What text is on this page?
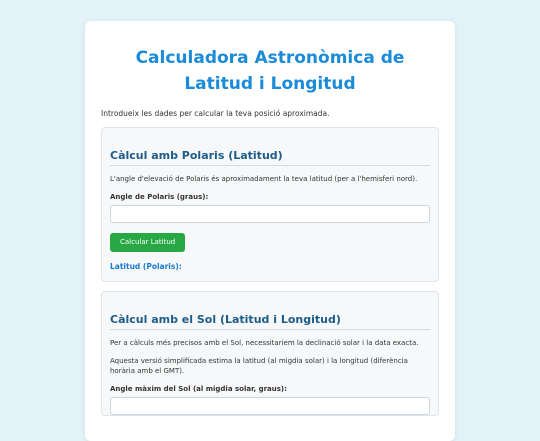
Calculadora Astronòmica de Latitud i Longitud

Introdueix les dades per calcular la teva posició aproximada.

Càlcul amb Polaris (Latitud)

L'angle d'elevació de Polaris és aproximadament la teva latitud (per a l'hemisferi nord).

Angle de Polaris (graus):
Calcular Latitud
Latitud (Polaris):
Càlcul amb el Sol (Latitud i Longitud)

Per a càlculs més precisos amb el Sol, necessitariem la declinació solar i la data exacta.

Aquesta versió simplificada estima la latitud (al migdia solar) i la longitud (diferència horària amb el GMT).

Angle màxim del Sol (al migdia solar, graus):
